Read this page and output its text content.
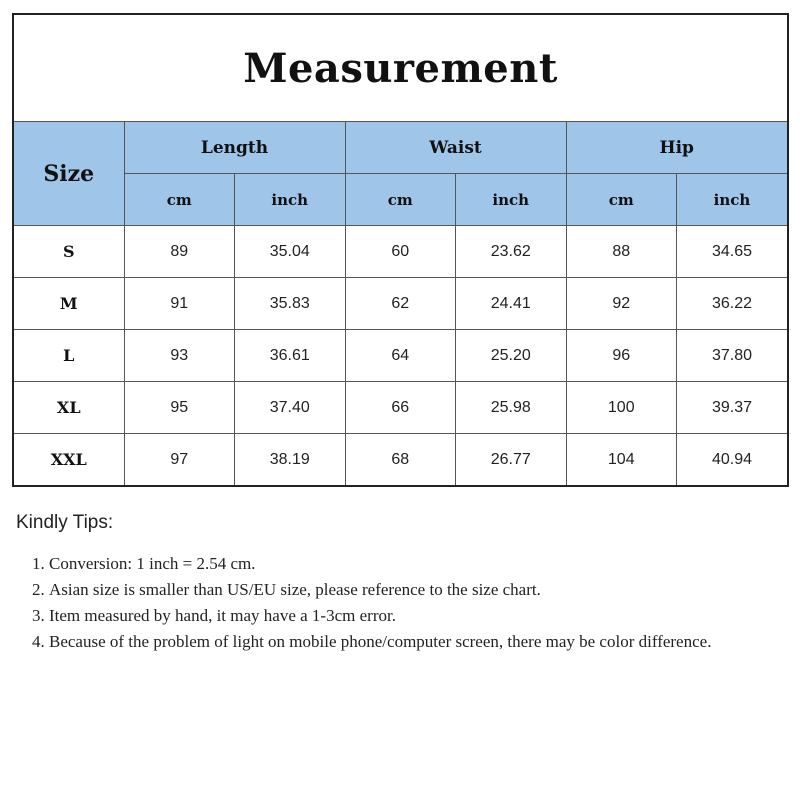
Measurement
Size	Length		Waist		Hip	
	cm	inch	cm	inch	cm	inch
S	89	35.04	60	23.62	88	34.65
M	91	35.83	62	24.41	92	36.22
L	93	36.61	64	25.20	96	37.80
XL	95	37.40	66	25.98	100	39.37
XXL	97	38.19	68	26.77	104	40.94
Kindly Tips:
1. Conversion: 1 inch = 2.54 cm.
2. Asian size is smaller than US/EU size, please reference to the size chart.
3. Item measured by hand, it may have a 1-3cm error.
4. Because of the problem of light on mobile phone/computer screen, there may be color difference.
